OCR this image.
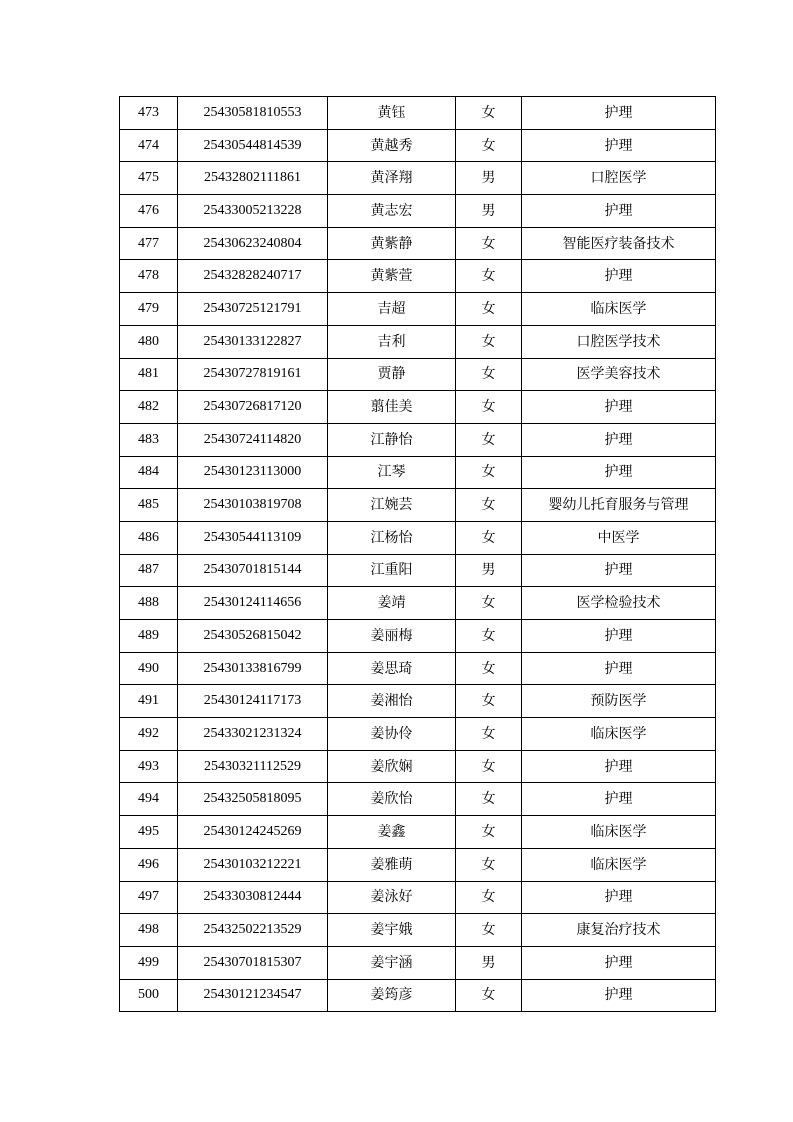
473	25430581810553	黄钰	女	护理
474	25430544814539	黄越秀	女	护理
475	25432802111861	黄泽翔	男	口腔医学
476	25433005213228	黄志宏	男	护理
477	25430623240804	黄紫静	女	智能医疗装备技术
478	25432828240717	黄紫萱	女	护理
479	25430725121791	吉超	女	临床医学
480	25430133122827	吉利	女	口腔医学技术
481	25430727819161	贾静	女	医学美容技术
482	25430726817120	翦佳美	女	护理
483	25430724114820	江静怡	女	护理
484	25430123113000	江琴	女	护理
485	25430103819708	江婉芸	女	婴幼儿托育服务与管理
486	25430544113109	江杨怡	女	中医学
487	25430701815144	江重阳	男	护理
488	25430124114656	姜靖	女	医学检验技术
489	25430526815042	姜丽梅	女	护理
490	25430133816799	姜思琦	女	护理
491	25430124117173	姜湘怡	女	预防医学
492	25433021231324	姜协伶	女	临床医学
493	25430321112529	姜欣娴	女	护理
494	25432505818095	姜欣怡	女	护理
495	25430124245269	姜鑫	女	临床医学
496	25430103212221	姜雅萌	女	临床医学
497	25433030812444	姜泳好	女	护理
498	25432502213529	姜宇娥	女	康复治疗技术
499	25430701815307	姜宇涵	男	护理
500	25430121234547	姜筠彦	女	护理
